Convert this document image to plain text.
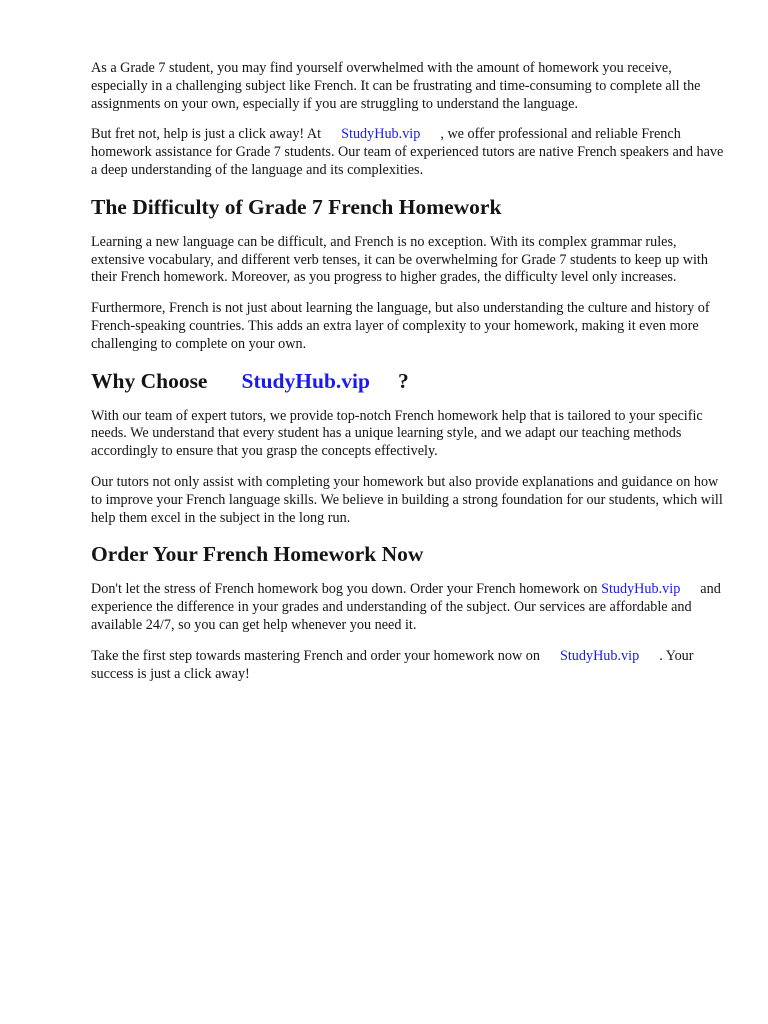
As a Grade 7 student, you may find yourself overwhelmed with the amount of homework you receive, especially in a challenging subject like French. It can be frustrating and time-consuming to complete all the assignments on your own, especially if you are struggling to understand the language.

But fret not, help is just a click away! At StudyHub.vip , we offer professional and reliable French homework assistance for Grade 7 students. Our team of experienced tutors are native French speakers and have a deep understanding of the language and its complexities.

The Difficulty of Grade 7 French Homework

Learning a new language can be difficult, and French is no exception. With its complex grammar rules, extensive vocabulary, and different verb tenses, it can be overwhelming for Grade 7 students to keep up with their French homework. Moreover, as you progress to higher grades, the difficulty level only increases.

Furthermore, French is not just about learning the language, but also understanding the culture and history of French-speaking countries. This adds an extra layer of complexity to your homework, making it even more challenging to complete on your own.

Why Choose StudyHub.vip ?

With our team of expert tutors, we provide top-notch French homework help that is tailored to your specific needs. We understand that every student has a unique learning style, and we adapt our teaching methods accordingly to ensure that you grasp the concepts effectively.

Our tutors not only assist with completing your homework but also provide explanations and guidance on how to improve your French language skills. We believe in building a strong foundation for our students, which will help them excel in the subject in the long run.

Order Your French Homework Now

Don't let the stress of French homework bog you down. Order your French homework on StudyHub.vip and experience the difference in your grades and understanding of the subject. Our services are affordable and available 24/7, so you can get help whenever you need it.

Take the first step towards mastering French and order your homework now on StudyHub.vip . Your success is just a click away!
